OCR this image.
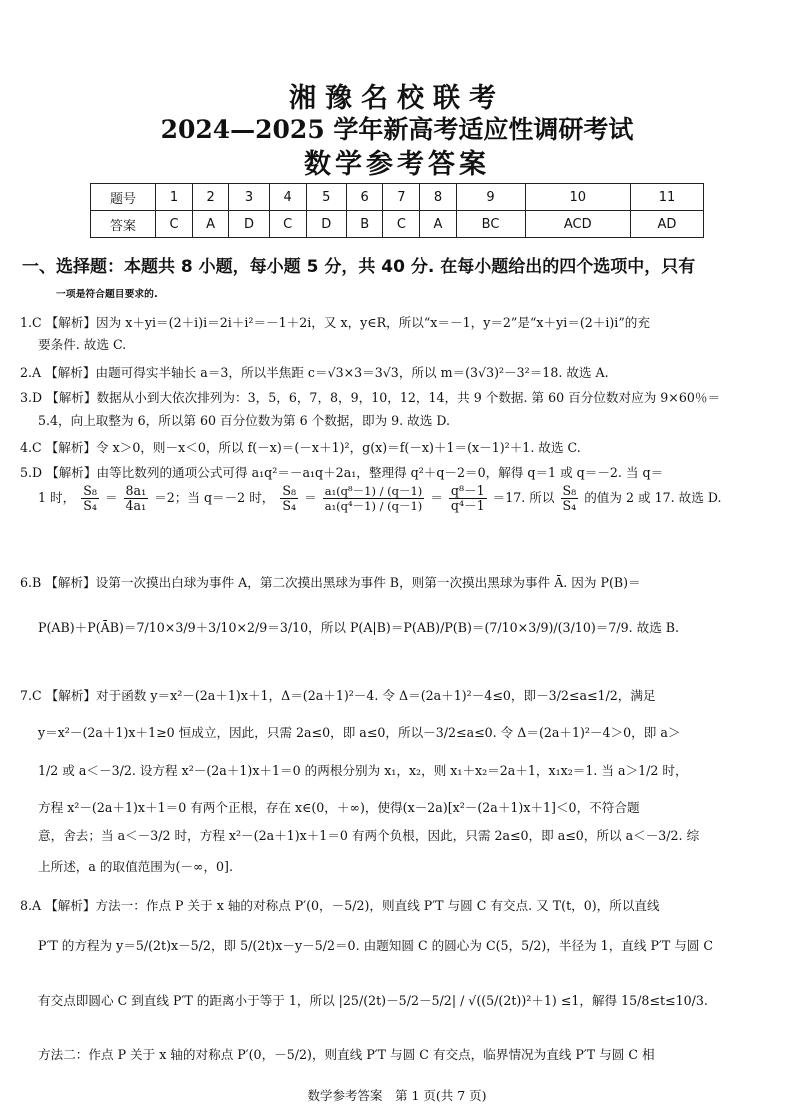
湘豫名校联考
2024—2025 学年新高考适应性调研考试
数学参考答案
题号	1	2	3	4	5	6	7	8	9	10	11
答案	C	A	D	C	D	B	C	A	BC	ACD	AD
一、选择题：本题共 8 小题，每小题 5 分，共 40 分. 在每小题给出的四个选项中，只有
一项是符合题目要求的.
1.C 【解析】因为 x＋yi＝(2＋i)i＝2i＋i²＝－1＋2i，又 x，y∈R，所以“x＝－1，y＝2”是“x＋yi＝(2＋i)i”的充
要条件. 故选 C.
2.A 【解析】由题可得实半轴长 a＝3，所以半焦距 c＝√3×3＝3√3，所以 m＝(3√3)²－3²＝18. 故选 A.
3.D 【解析】数据从小到大依次排列为：3，5，6，7，8，9，10，12，14，共 9 个数据. 第 60 百分位数对应为 9×60％＝
5.4，向上取整为 6，所以第 60 百分位数为第 6 个数据，即为 9. 故选 D.
4.C 【解析】令 x＞0，则－x＜0，所以 f(－x)＝(－x＋1)²，g(x)＝f(－x)＋1＝(x－1)²＋1. 故选 C.
5.D 【解析】由等比数列的通项公式可得 a₁q²＝－a₁q＋2a₁，整理得 q²＋q－2＝0，解得 q＝1 或 q＝－2. 当 q＝
1 时， $\frac{\text{S₈}}{\text{S₄}} = \frac{\text{8a₁}}{\text{4a₁}} =2$；当 q＝－2 时， $\frac{\text{S₈}}{\text{S₄}} = \frac{\text{a₁(q⁸－1) / (q－1)}}{\text{a₁(q⁴－1) / (q－1)}} = \frac{\text{q⁸－1}}{\text{q⁴－1}} =17$. 所以 $\frac{\text{S₈}}{\text{S₄}}$ 的值为 2 或 17. 故选 D.
6.B 【解析】设第一次摸出白球为事件 A，第二次摸出黑球为事件 B，则第一次摸出黑球为事件 Ā. 因为 P(B)＝
P(AB)＋P(ĀB)＝7/10×3/9＋3/10×2/9＝3/10，所以 P(A|B)＝P(AB)/P(B)＝(7/10×3/9)/(3/10)＝7/9. 故选 B.
7.C 【解析】对于函数 y＝x²－(2a＋1)x＋1，Δ＝(2a＋1)²－4. 令 Δ＝(2a＋1)²－4≤0，即－3/2≤a≤1/2，满足
y＝x²－(2a＋1)x＋1≥0 恒成立，因此，只需 2a≤0，即 a≤0，所以－3/2≤a≤0. 令 Δ＝(2a＋1)²－4＞0，即 a＞
1/2 或 a＜－3/2. 设方程 x²－(2a＋1)x＋1＝0 的两根分别为 x₁，x₂，则 x₁＋x₂＝2a＋1，x₁x₂＝1. 当 a＞1/2 时，
方程 x²－(2a＋1)x＋1＝0 有两个正根，存在 x∈(0，＋∞)，使得(x－2a)[x²－(2a＋1)x＋1]＜0，不符合题
意，舍去；当 a＜－3/2 时，方程 x²－(2a＋1)x＋1＝0 有两个负根，因此，只需 2a≤0，即 a≤0，所以 a＜－3/2. 综
上所述，a 的取值范围为(－∞，0].
8.A 【解析】方法一：作点 P 关于 x 轴的对称点 P′(0，－5/2)，则直线 P′T 与圆 C 有交点. 又 T(t，0)，所以直线
P′T 的方程为 y＝5/(2t)x－5/2，即 5/(2t)x－y－5/2＝0. 由题知圆 C 的圆心为 C(5，5/2)，半径为 1，直线 P′T 与圆 C
有交点即圆心 C 到直线 P′T 的距离小于等于 1，所以 |25/(2t)－5/2－5/2| / √((5/(2t))²＋1) ≤1，解得 15/8≤t≤10/3.
方法二：作点 P 关于 x 轴的对称点 P′(0，－5/2)，则直线 P′T 与圆 C 有交点，临界情况为直线 P′T 与圆 C 相
数学参考答案　第 1 页(共 7 页)
